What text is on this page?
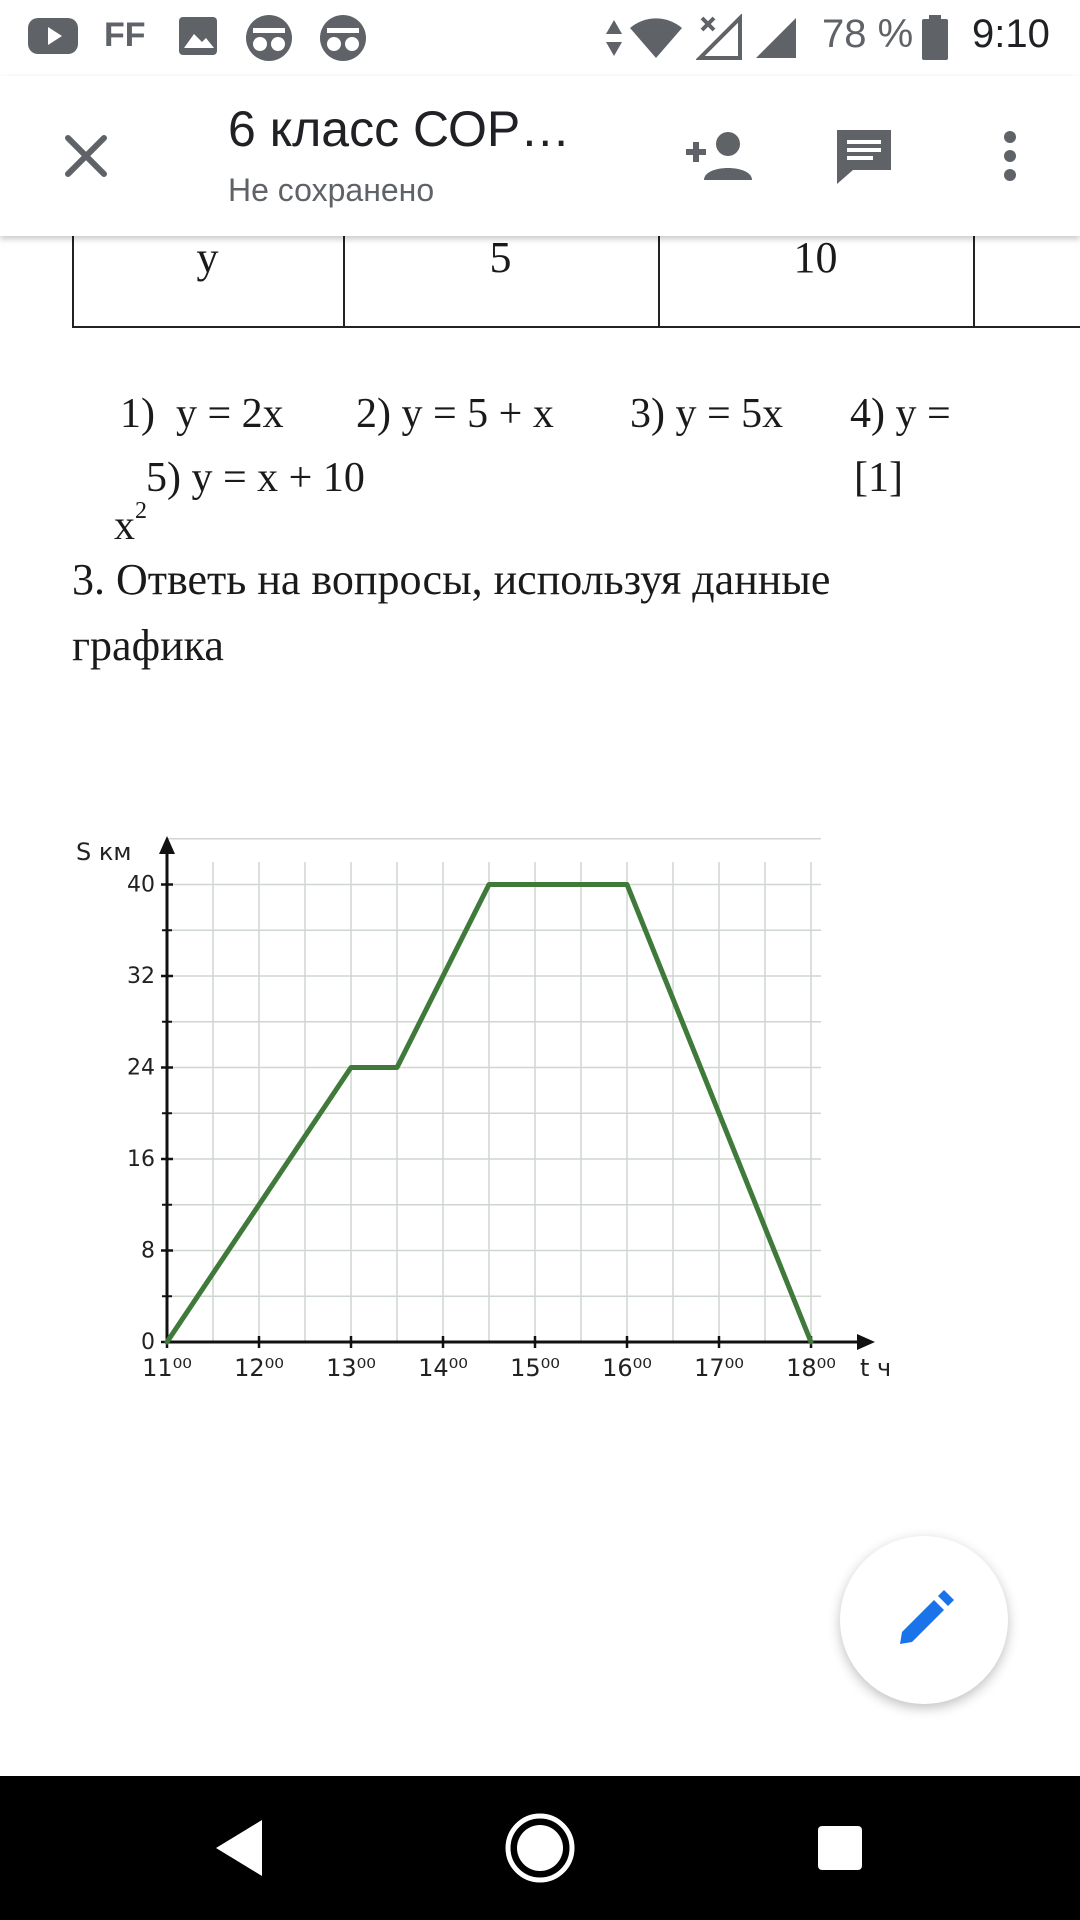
FF	78 % 9:10
6 класс СОР…
Не сохранено
y	5	10
1)  y = 2x 2) y = 5 + x 3) y = 5x 4) y =

$x^2$

5) y = x + 10	[1]
3. Ответь на вопросы, используя данные
графика
0
8
16
24
32
40
11⁰⁰ 12⁰⁰ 13⁰⁰ 14⁰⁰ 15⁰⁰ 16⁰⁰ 17⁰⁰ 18⁰⁰
S км
t ч
